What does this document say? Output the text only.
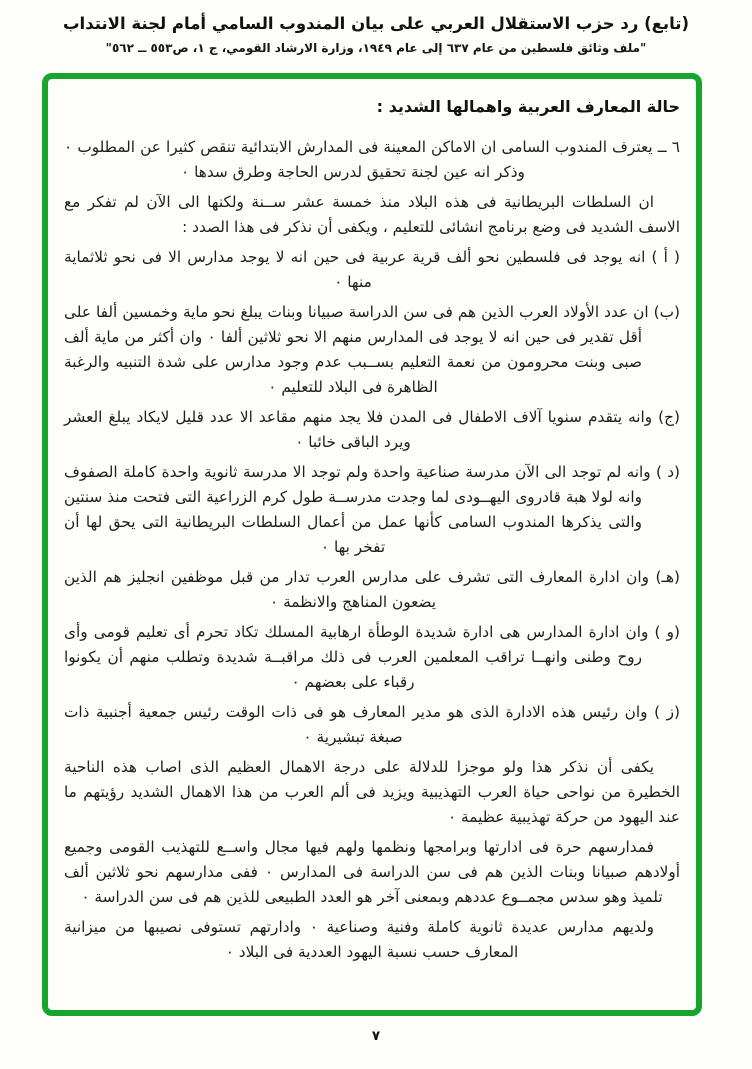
(تابع) رد حزب الاستقلال العربي على بيان المندوب السامي أمام لجنة الانتداب
"ملف وثائق فلسطين من عام ٦٣٧ إلى عام ١٩٤٩، وزارة الارشاد القومي، ج ١، ص٥٥٣ ــ ٥٦٢"
حالة المعارف العربية واهمالها الشديد :
٦ ــ يعترف المندوب السامى ان الاماكن المعينة فى المدارش الابتدائية تنقص كثيرا عن المطلوب ٠ وذكر انه عين لجنة تحقيق لدرس الحاجة وطرق سدها ٠
ان السلطات البريطانية فى هذه البلاد منذ خمسة عشر ســنة ولكنها الى الآن لم تفكر مع الاسف الشديد فى وضع برنامج انشائى للتعليم ، ويكفى أن نذكر فى هذا الصدد :
( أ ) انه يوجد فى فلسطين نحو ألف قرية عربية فى حين انه لا يوجد مدارس الا فى نحو ثلاثماية منها ٠
(ب) ان عدد الأولاد العرب الذين هم فى سن الدراسة صبيانا وبنات يبلغ نحو ماية وخمسين ألفا على أقل تقدير فى حين انه لا يوجد فى المدارس منهم الا نحو ثلاثين ألفا ٠ وان أكثر من ماية ألف صبى وبنت محرومون من نعمة التعليم بســبب عدم وجود مدارس على شدة التنبيه والرغبة الظاهرة فى البلاد للتعليم ٠
(ج) وانه يتقدم سنويا آلاف الاطفال فى المدن فلا يجد منهم مقاعد الا عدد قليل لايكاد يبلغ العشر ويرد الباقى خائبا ٠
(د ) وانه لم توجد الى الآن مدرسة صناعية واحدة ولم توجد الا مدرسة ثانوية واحدة كاملة الصفوف وانه لولا هبة قادروى اليهــودى لما وجدت مدرســة طول كرم الزراعية التى فتحت منذ سنتين والتى يذكرها المندوب السامى كأنها عمل من أعمال السلطات البريطانية التى يحق لها أن تفخر بها ٠
(هـ) وان ادارة المعارف التى تشرف على مدارس العرب تدار من قبل موظفين انجليز هم الذين يضعون المناهج والانظمة ٠
(و ) وان ادارة المدارس هى ادارة شديدة الوطأة ارهابية المسلك تكاد تحرم أى تعليم قومى وأى روح وطنى وانهــا تراقب المعلمين العرب فى ذلك مراقبــة شديدة وتطلب منهم أن يكونوا رقباء على بعضهم ٠
(ز ) وان رئيس هذه الادارة الذى هو مدير المعارف هو فى ذات الوقت رئيس جمعية أجنبية ذات صبغة تبشيرية ٠
يكفى أن نذكر هذا ولو موجزا للدلالة على درجة الاهمال العظيم الذى اصاب هذه الناحية الخطيرة من نواحى حياة العرب التهذيبية ويزيد فى ألم العرب من هذا الاهمال الشديد رؤيتهم ما عند اليهود من حركة تهذيبية عظيمة ٠
فمدارسهم حرة فى ادارتها وبرامجها ونظمها ولهم فيها مجال واســع للتهذيب القومى وجميع أولادهم صبيانا وبنات الذين هم فى سن الدراسة فى المدارس ٠ ففى مدارسهم نحو ثلاثين ألف تلميذ وهو سدس مجمــوع عددهم وبمعنى آخر هو العدد الطبيعى للذين هم فى سن الدراسة ٠
ولديهم مدارس عديدة ثانوية كاملة وفنية وصناعية ٠ وادارتهم تستوفى نصيبها من ميزانية المعارف حسب نسبة اليهود العددية فى البلاد ٠
٧
